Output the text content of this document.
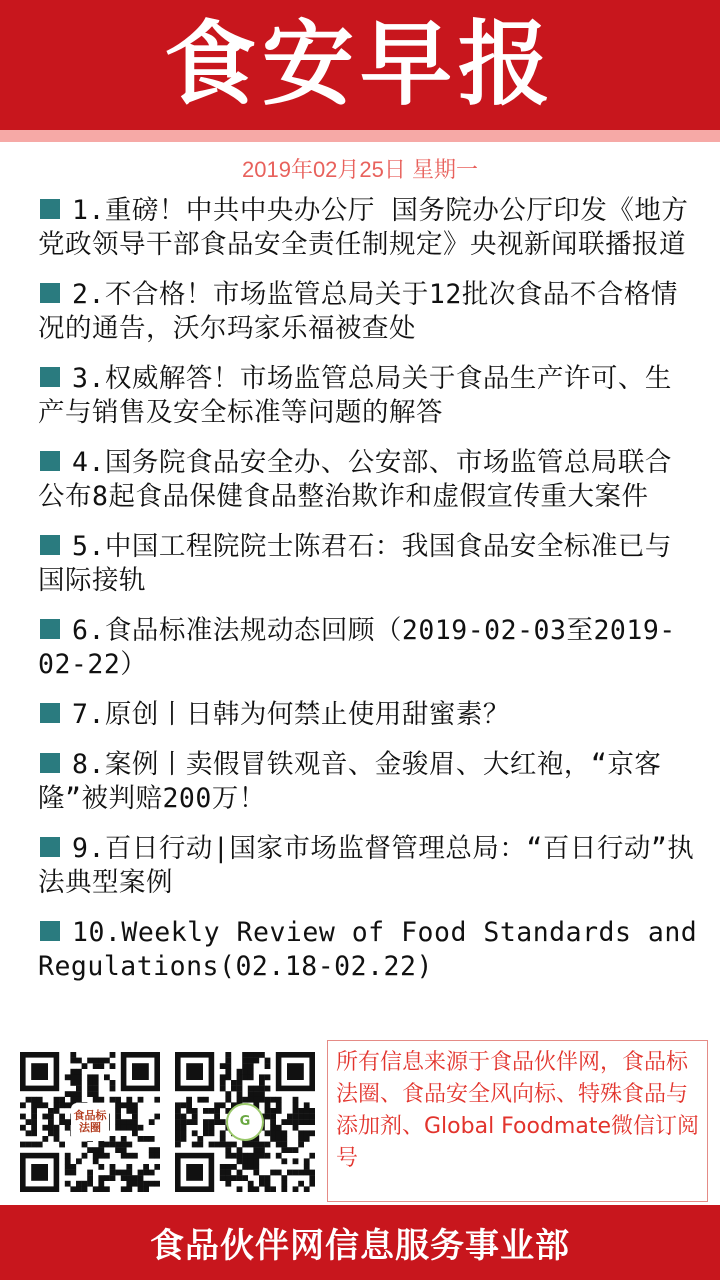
食安早报
2019年02月25日 星期一
1.重磅！中共中央办公厅 国务院办公厅印发《地方党政领导干部食品安全责任制规定》央视新闻联播报道
2.不合格！市场监管总局关于12批次食品不合格情况的通告，沃尔玛家乐福被查处
3.权威解答！市场监管总局关于食品生产许可、生产与销售及安全标准等问题的解答
4.国务院食品安全办、公安部、市场监管总局联合公布8起食品保健食品整治欺诈和虚假宣传重大案件
5.中国工程院院士陈君石：我国食品安全标准已与国际接轨
6.食品标准法规动态回顾（2019-02-03至2019-02-22）
7.原创丨日韩为何禁止使用甜蜜素？
8.案例丨卖假冒铁观音、金骏眉、大红袍，“京客隆”被判赔200万！
9.百日行动|国家市场监督管理总局：“百日行动”执法典型案例
10.Weekly Review of Food Standards and Regulations(02.18-02.22)
食品标法圈	G
所有信息来源于食品伙伴网，食品标法圈、食品安全风向标、特殊食品与添加剂、Global Foodmate微信订阅号
食品伙伴网信息服务事业部
